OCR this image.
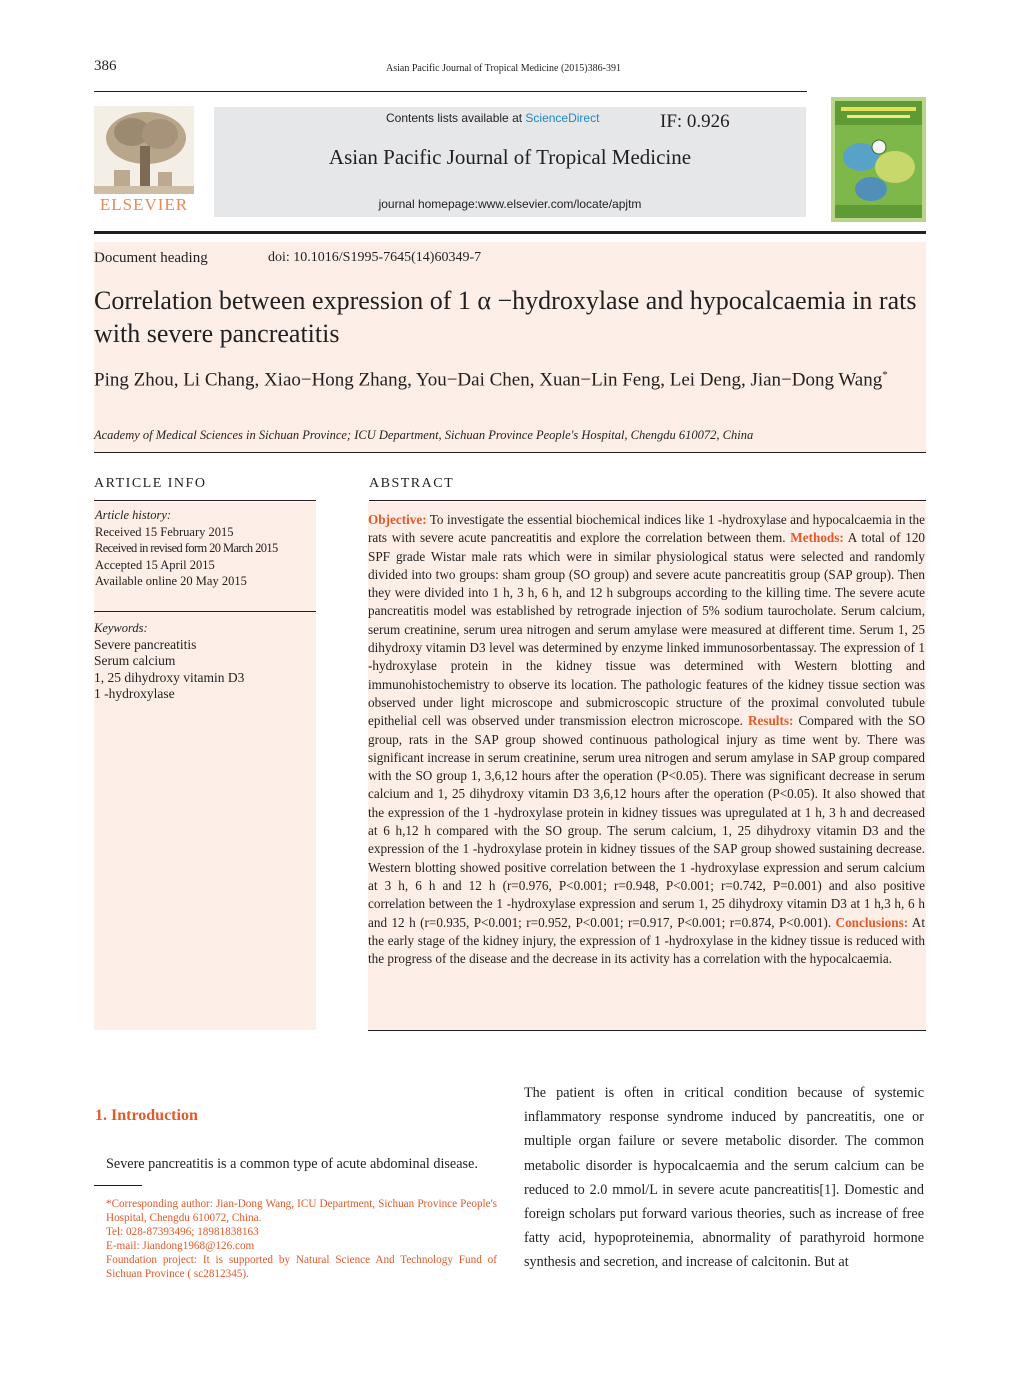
386	Asian Pacific Journal of Tropical Medicine (2015)386-391
ELSEVIER
Contents lists available at ScienceDirect	IF: 0.926
Asian Pacific Journal of Tropical Medicine
journal homepage:www.elsevier.com/locate/apjtm
Document heading	doi: 10.1016/S1995-7645(14)60349-7
Correlation between expression of 1 α −hydroxylase and hypocalcaemia in rats with severe pancreatitis
Ping Zhou, Li Chang, Xiao−Hong Zhang, You−Dai Chen, Xuan−Lin Feng, Lei Deng, Jian−Dong Wang*
Academy of Medical Sciences in Sichuan Province; ICU Department, Sichuan Province People's Hospital, Chengdu 610072, China
ARTICLE INFO
Article history:
Received 15 February 2015
Received in revised form 20 March 2015
Accepted 15 April 2015
Available online 20 May 2015
Keywords:
Severe pancreatitis
Serum calcium
1, 25 dihydroxy vitamin D3
1 -hydroxylase
ABSTRACT
Objective: To investigate the essential biochemical indices like 1 -hydroxylase and hypocalcaemia in the rats with severe acute pancreatitis and explore the correlation between them. Methods: A total of 120 SPF grade Wistar male rats which were in similar physiological status were selected and randomly divided into two groups: sham group (SO group) and severe acute pancreatitis group (SAP group). Then they were divided into 1 h, 3 h, 6 h, and 12 h subgroups according to the killing time. The severe acute pancreatitis model was established by retrograde injection of 5% sodium taurocholate. Serum calcium, serum creatinine, serum urea nitrogen and serum amylase were measured at different time. Serum 1, 25 dihydroxy vitamin D3 level was determined by enzyme linked immunosorbentassay. The expression of 1 -hydroxylase protein in the kidney tissue was determined with Western blotting and immunohistochemistry to observe its location. The pathologic features of the kidney tissue section was observed under light microscope and submicroscopic structure of the proximal convoluted tubule epithelial cell was observed under transmission electron microscope. Results: Compared with the SO group, rats in the SAP group showed continuous pathological injury as time went by. There was significant increase in serum creatinine, serum urea nitrogen and serum amylase in SAP group compared with the SO group 1, 3,6,12 hours after the operation (P<0.05). There was significant decrease in serum calcium and 1, 25 dihydroxy vitamin D3 3,6,12 hours after the operation (P<0.05). It also showed that the expression of the 1 -hydroxylase protein in kidney tissues was upregulated at 1 h, 3 h and decreased at 6 h,12 h compared with the SO group. The serum calcium, 1, 25 dihydroxy vitamin D3 and the expression of the 1 -hydroxylase protein in kidney tissues of the SAP group showed sustaining decrease. Western blotting showed positive correlation between the 1 -hydroxylase expression and serum calcium at 3 h, 6 h and 12 h (r=0.976, P<0.001; r=0.948, P<0.001; r=0.742, P=0.001) and also positive correlation between the 1 -hydroxylase expression and serum 1, 25 dihydroxy vitamin D3 at 1 h,3 h, 6 h and 12 h (r=0.935, P<0.001; r=0.952, P<0.001; r=0.917, P<0.001; r=0.874, P<0.001). Conclusions: At the early stage of the kidney injury, the expression of 1 -hydroxylase in the kidney tissue is reduced with the progress of the disease and the decrease in its activity has a correlation with the hypocalcaemia.
1. Introduction
Severe pancreatitis is a common type of acute abdominal disease.
*Corresponding author: Jian-Dong Wang, ICU Department, Sichuan Province People's Hospital, Chengdu 610072, China.
Tel: 028-87393496; 18981838163
E-mail: Jiandong1968@126.com
Foundation project: It is supported by Natural Science And Technology Fund of Sichuan Province ( sc2812345).
The patient is often in critical condition because of systemic inflammatory response syndrome induced by pancreatitis, one or multiple organ failure or severe metabolic disorder. The common metabolic disorder is hypocalcaemia and the serum calcium can be reduced to 2.0 mmol/L in severe acute pancreatitis[1]. Domestic and foreign scholars put forward various theories, such as increase of free fatty acid, hypoproteinemia, abnormality of parathyroid hormone synthesis and secretion, and increase of calcitonin. But at
